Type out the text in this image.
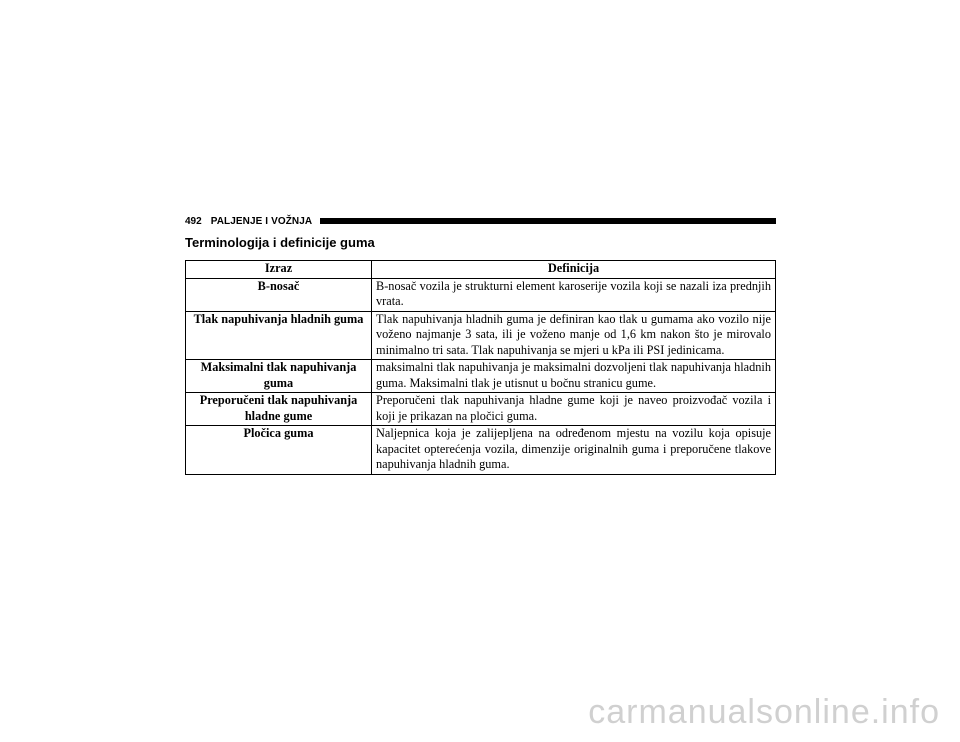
492 PALJENJE I VOŽNJA
Terminologija i definicije guma
Izraz	Definicija
B-nosač	B-nosač vozila je strukturni element karoserije vozila koji se nazali iza prednjih vrata.
Tlak napuhivanja hladnih guma	Tlak napuhivanja hladnih guma je definiran kao tlak u gumama ako vozilo nije voženo najmanje 3 sata, ili je voženo manje od 1,6 km nakon što je mirovalo minimalno tri sata. Tlak napuhivanja se mjeri u kPa ili PSI jedinicama.
Maksimalni tlak napuhivanja guma	maksimalni tlak napuhivanja je maksimalni dozvoljeni tlak napuhivanja hladnih guma. Maksimalni tlak je utisnut u bočnu stranicu gume.
Preporučeni tlak napuhivanja hladne gume	Preporučeni tlak napuhivanja hladne gume koji je naveo proizvođač vozila i koji je prikazan na pločici guma.
Pločica guma	Naljepnica koja je zalijepljena na određenom mjestu na vozilu koja opisuje kapacitet opterećenja vozila, dimenzije originalnih guma i preporučene tlakove napuhivanja hladnih guma.
carmanualsonline.info
